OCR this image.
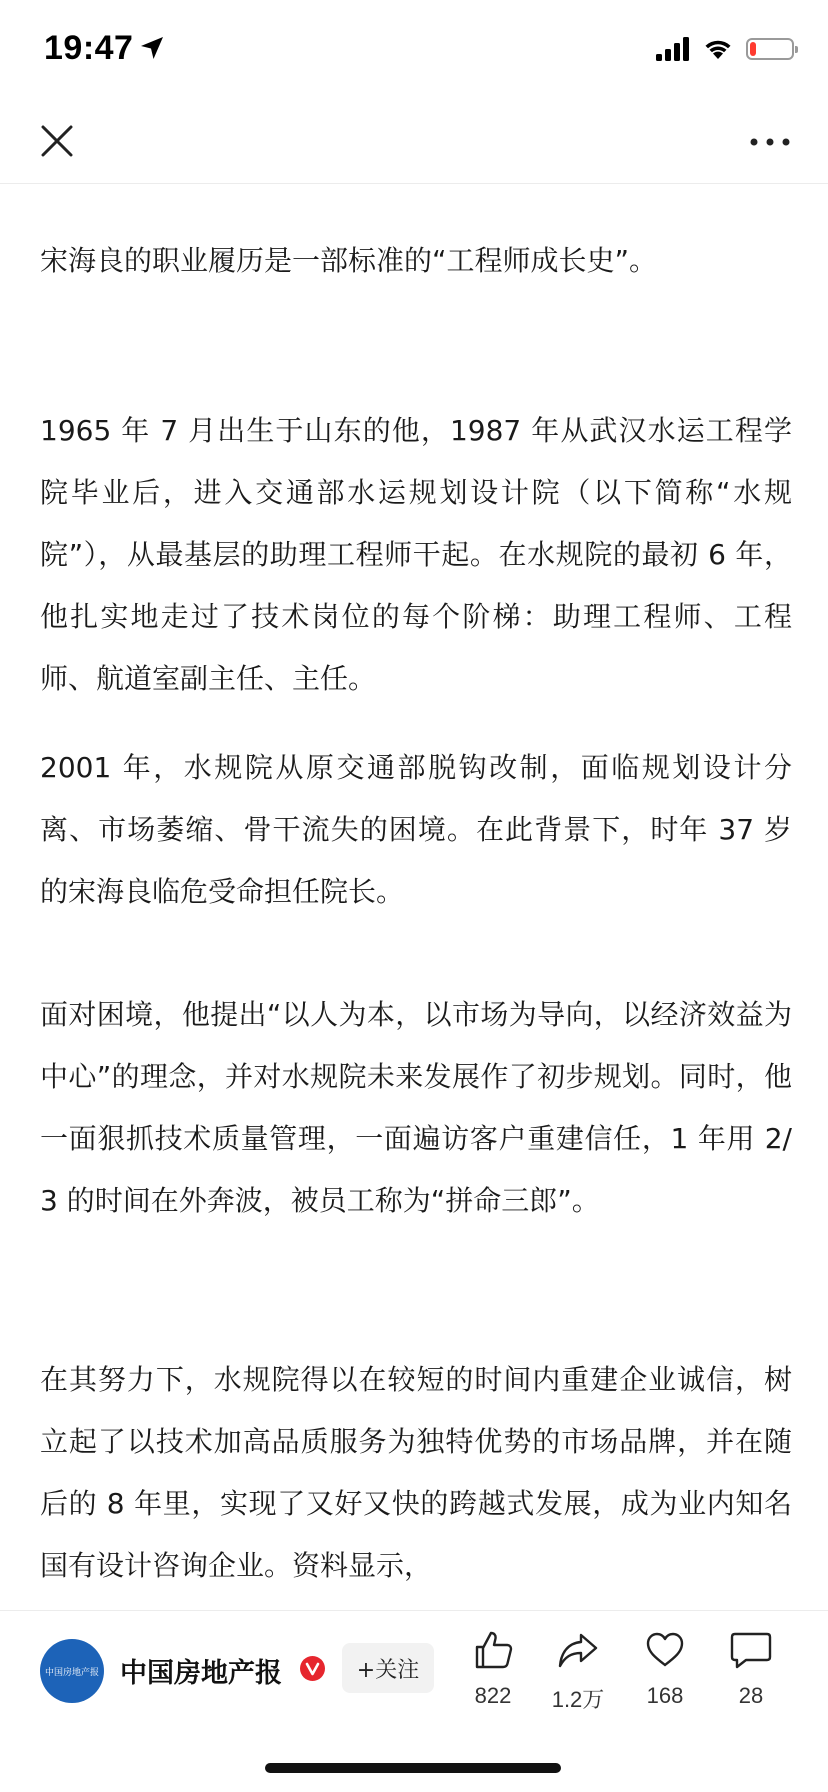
19:47

宋海良的职业履历是一部标准的“工程师成长史”。

1965 年 7 月出生于山东的他，1987 年从武汉水运工程学院毕业后，进入交通部水运规划设计院（以下简称“水规院”），从最基层的助理工程师干起。在水规院的最初 6 年，他扎实地走过了技术岗位的每个阶梯：助理工程师、工程师、航道室副主任、主任。

2001 年，水规院从原交通部脱钩改制，面临规划设计分离、市场萎缩、骨干流失的困境。在此背景下，时年 37 岁的宋海良临危受命担任院长。

面对困境，他提出“以人为本，以市场为导向，以经济效益为中心”的理念，并对水规院未来发展作了初步规划。同时，他一面狠抓技术质量管理，一面遍访客户重建信任，1 年用 2/3 的时间在外奔波，被员工称为“拼命三郎”。

在其努力下，水规院得以在较短的时间内重建企业诚信，树立起了以技术加高品质服务为独特优势的市场品牌，并在随后的 8 年里，实现了又好又快的跨越式发展，成为业内知名国有设计咨询企业。资料显示，

中国房地产报 中国房地产报	+关注
822	1.2万	168	28
